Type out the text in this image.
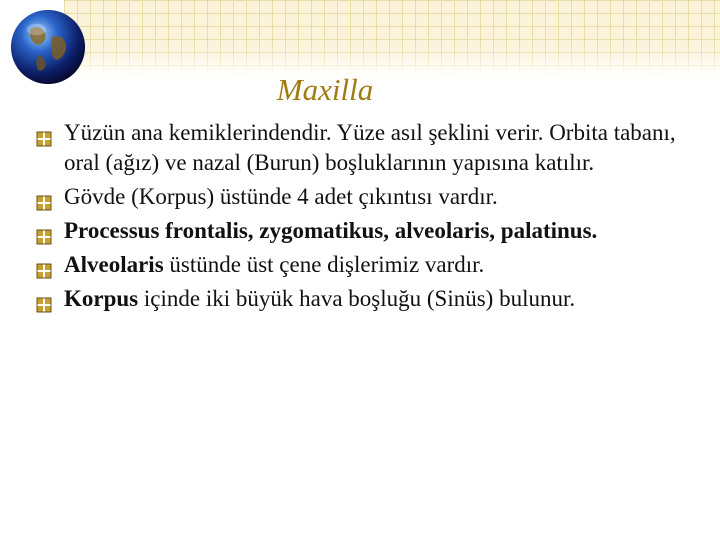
Maxilla
Yüzün ana kemiklerindendir. Yüze asıl şeklini verir. Orbita tabanı, oral (ağız) ve nazal (Burun) boşluklarının yapısına katılır.
Gövde (Korpus) üstünde 4 adet çıkıntısı vardır.
Processus frontalis, zygomatikus, alveolaris, palatinus.
Alveolaris üstünde üst çene dişlerimiz vardır.
Korpus içinde iki büyük hava boşluğu (Sinüs) bulunur.
